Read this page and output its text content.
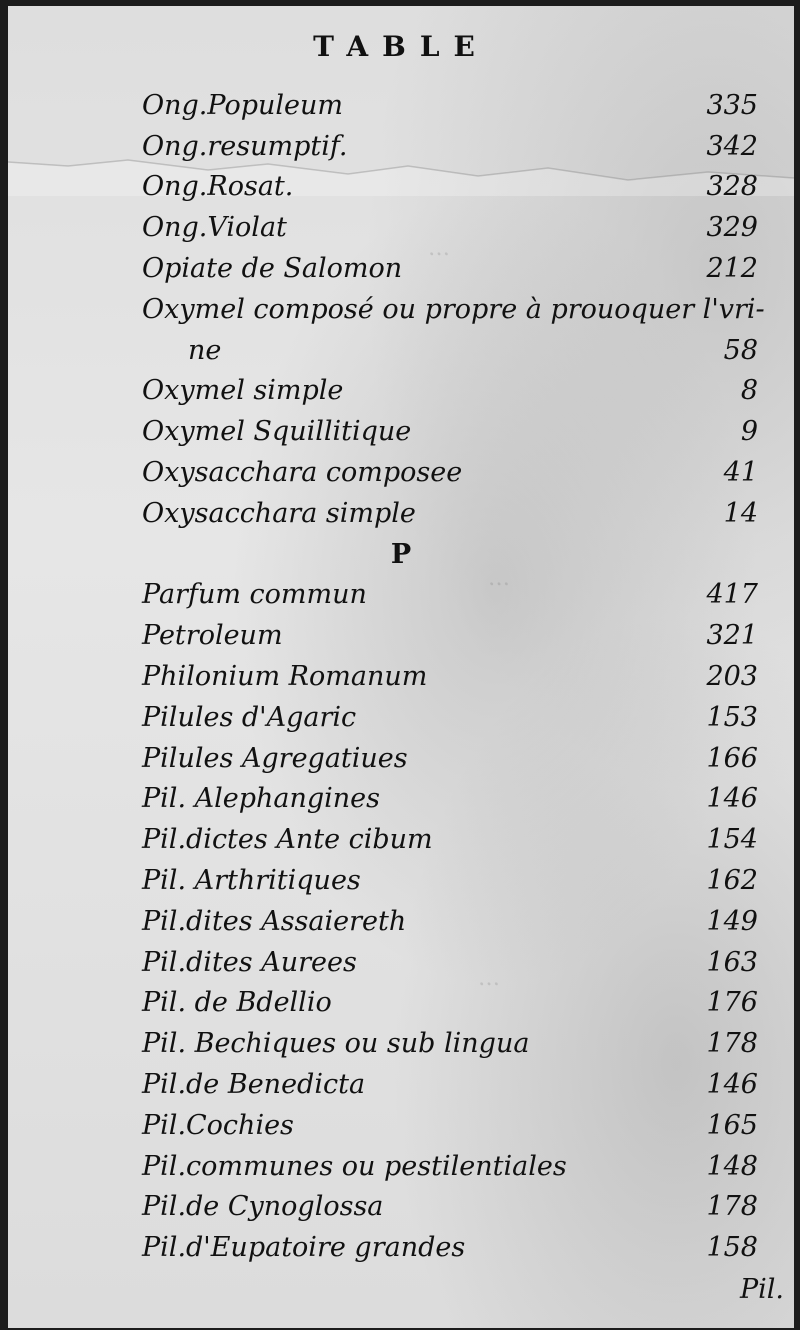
…
…
…
TABLE
Ong.Populeum	335
Ong.resumptif.	342
Ong.Rosat.	328
Ong.Violat	329
Opiate de Salomon	212
Oxymel composé ou propre à prouoquer l'vri-
ne	58
Oxymel simple	8
Oxymel Squillitique	9
Oxysacchara composee	41
Oxysacchara simple	14
P
Parfum commun	417
Petroleum	321
Philonium Romanum	203
Pilules d'Agaric	153
Pilules Agregatiues	166
Pil. Alephangines	146
Pil.dictes Ante cibum	154
Pil. Arthritiques	162
Pil.dites Assaiereth	149
Pil.dites Aurees	163
Pil. de Bdellio	176
Pil. Bechiques ou sub lingua	178
Pil.de Benedicta	146
Pil.Cochies	165
Pil.communes ou pestilentiales	148
Pil.de Cynoglossa	178
Pil.d'Eupatoire grandes	158
Pil.
